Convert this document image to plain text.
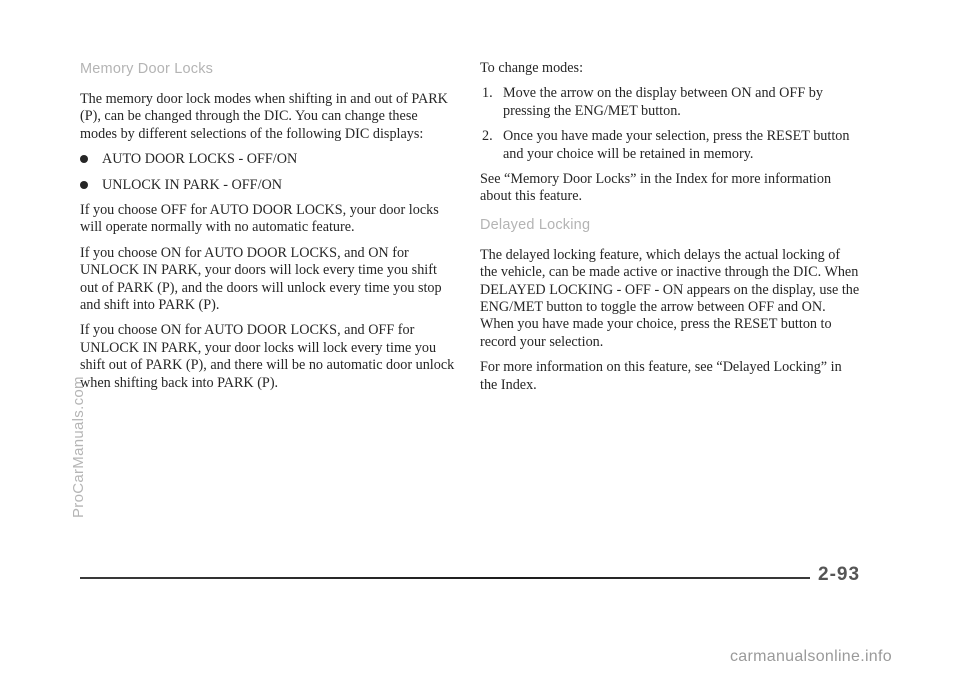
Memory Door Locks

The memory door lock modes when shifting in and out of PARK (P), can be changed through the DIC. You can change these modes by different selections of the following DIC displays:

AUTO DOOR LOCKS - OFF/ON
UNLOCK IN PARK - OFF/ON

If you choose OFF for AUTO DOOR LOCKS, your door locks will operate normally with no automatic feature.

If you choose ON for AUTO DOOR LOCKS, and ON for UNLOCK IN PARK, your doors will lock every time you shift out of PARK (P), and the doors will unlock every time you stop and shift into PARK (P).

If you choose ON for AUTO DOOR LOCKS, and OFF for UNLOCK IN PARK, your door locks will lock every time you shift out of PARK (P), and there will be no automatic door unlock when shifting back into PARK (P).

To change modes:

1. Move the arrow on the display between ON and OFF by pressing the ENG/MET button.
2. Once you have made your selection, press the RESET button and your choice will be retained in memory.

See “Memory Door Locks” in the Index for more information about this feature.

Delayed Locking

The delayed locking feature, which delays the actual locking of the vehicle, can be made active or inactive through the DIC. When DELAYED LOCKING - OFF - ON appears on the display, use the ENG/MET button to toggle the arrow between OFF and ON. When you have made your choice, press the RESET button to record your selection.

For more information on this feature, see “Delayed Locking” in the Index.

2-93
ProCarManuals.com
carmanualsonline.info
